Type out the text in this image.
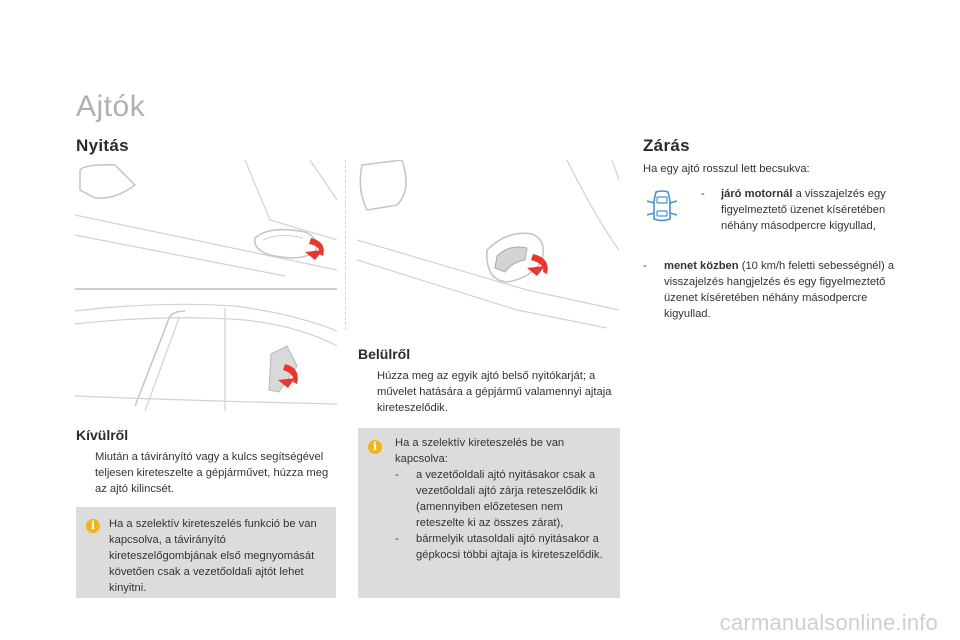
Ajtók
Nyitás
Kívülről
Miután a távirányító vagy a kulcs segítségével teljesen kireteszelte a gépjárművet, húzza meg az ajtó kilincsét.
i	Ha a szelektív kireteszelés funkció be van kapcsolva, a távirányító kireteszelőgombjának első megnyomását követően csak a vezetőoldali ajtót lehet kinyitni.
Belülről
Húzza meg az egyik ajtó belső nyitókarját; a művelet hatására a gépjármű valamennyi ajtaja kireteszelődik.
i	Ha a szelektív kireteszelés be van kapcsolva:
-	a vezetőoldali ajtó nyitásakor csak a vezetőoldali ajtó zárja reteszelődik ki (amennyiben előzetesen nem reteszelte ki az összes zárat),
-	bármelyik utasoldali ajtó nyitásakor a gépkocsi többi ajtaja is kireteszelődik.
Zárás
Ha egy ajtó rosszul lett becsukva:
-	járó motornál a visszajelzés egy figyelmeztető üzenet kíséretében néhány másodpercre kigyullad,
-	menet közben (10 km/h feletti sebességnél) a visszajelzés hangjelzés és egy figyelmeztető üzenet kíséretében néhány másodpercre kigyullad.
carmanualsonline.info
